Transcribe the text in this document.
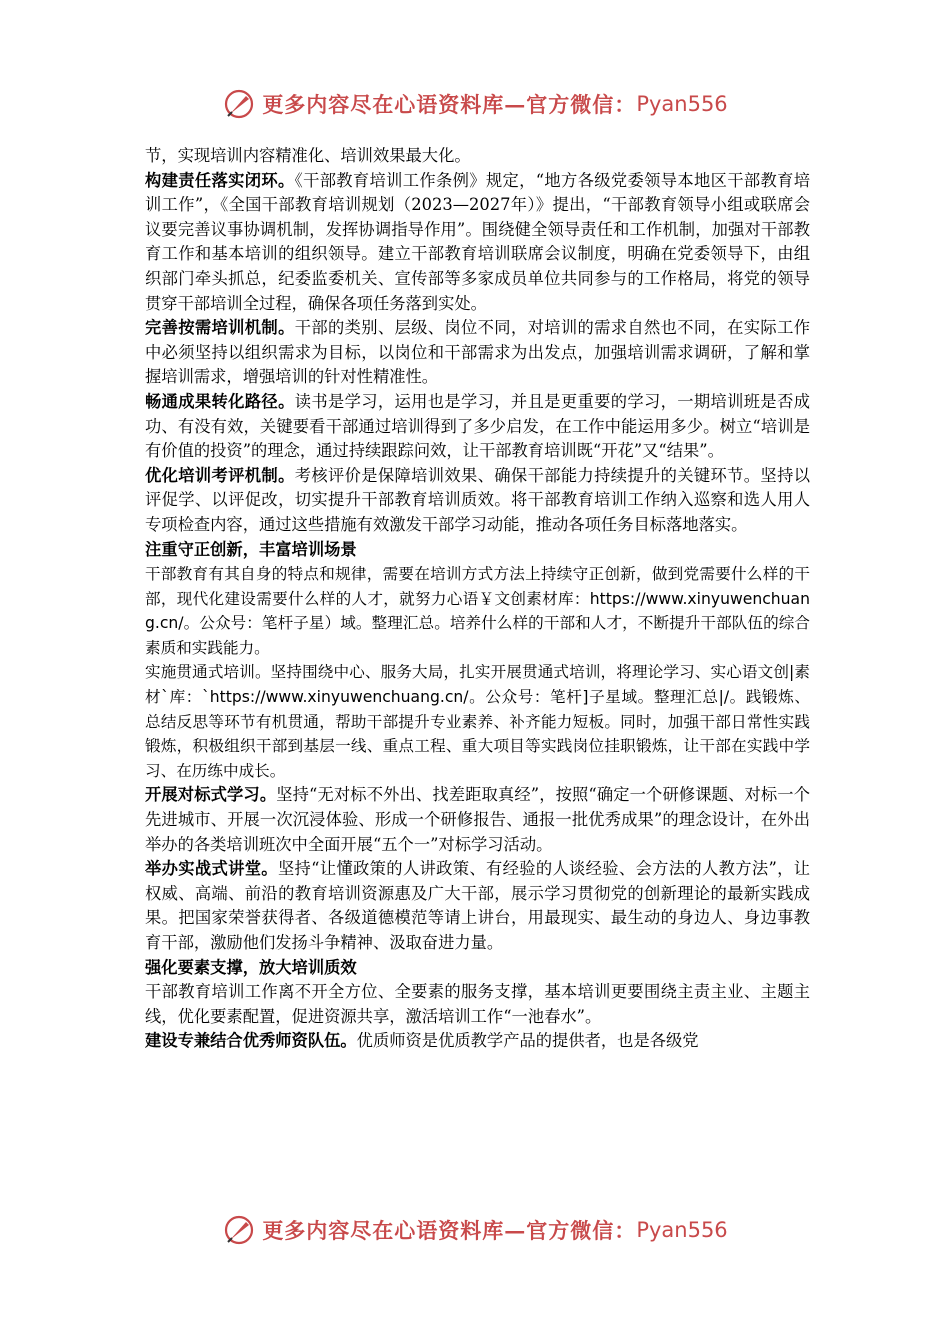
更多内容尽在心语资料库—官方微信： Pyan556

节，实现培训内容精准化、培训效果最大化。

构建责任落实闭环。《干部教育培训工作条例》规定，“地方各级党委领导本地区干部教育培训工作”，《全国干部教育培训规划（2023—2027年）》提出，“干部教育领导小组或联席会议要完善议事协调机制，发挥协调指导作用”。围绕健全领导责任和工作机制，加强对干部教育工作和基本培训的组织领导。建立干部教育培训联席会议制度，明确在党委领导下，由组织部门牵头抓总，纪委监委机关、宣传部等多家成员单位共同参与的工作格局，将党的领导贯穿干部培训全过程，确保各项任务落到实处。

完善按需培训机制。干部的类别、层级、岗位不同，对培训的需求自然也不同，在实际工作中必须坚持以组织需求为目标，以岗位和干部需求为出发点，加强培训需求调研，了解和掌握培训需求，增强培训的针对性精准性。

畅通成果转化路径。读书是学习，运用也是学习，并且是更重要的学习，一期培训班是否成功、有没有效，关键要看干部通过培训得到了多少启发，在工作中能运用多少。树立“培训是有价值的投资”的理念，通过持续跟踪问效，让干部教育培训既“开花”又“结果”。

优化培训考评机制。考核评价是保障培训效果、确保干部能力持续提升的关键环节。坚持以评促学、以评促改，切实提升干部教育培训质效。将干部教育培训工作纳入巡察和选人用人专项检查内容，通过这些措施有效激发干部学习动能，推动各项任务目标落地落实。

注重守正创新，丰富培训场景

干部教育有其自身的特点和规律，需要在培训方式方法上持续守正创新，做到党需要什么样的干部，现代化建设需要什么样的人才，就努力心语￥文创素材库：https://www.xinyuwenchuang.cn/。公众号：笔杆子星）域。整理汇总。培养什么样的干部和人才，不断提升干部队伍的综合素质和实践能力。

实施贯通式培训。坚持围绕中心、服务大局，扎实开展贯通式培训，将理论学习、实心语文创|素材`库：`https://www.xinyuwenchuang.cn/。公众号：笔杆]子星域。整理汇总|/。践锻炼、总结反思等环节有机贯通，帮助干部提升专业素养、补齐能力短板。同时，加强干部日常性实践锻炼，积极组织干部到基层一线、重点工程、重大项目等实践岗位挂职锻炼，让干部在实践中学习、在历练中成长。

开展对标式学习。坚持“无对标不外出、找差距取真经”，按照“确定一个研修课题、对标一个先进城市、开展一次沉浸体验、形成一个研修报告、通报一批优秀成果”的理念设计，在外出举办的各类培训班次中全面开展“五个一”对标学习活动。

举办实战式讲堂。坚持“让懂政策的人讲政策、有经验的人谈经验、会方法的人教方法”，让权威、高端、前沿的教育培训资源惠及广大干部，展示学习贯彻党的创新理论的最新实践成果。把国家荣誉获得者、各级道德模范等请上讲台，用最现实、最生动的身边人、身边事教育干部，激励他们发扬斗争精神、汲取奋进力量。

强化要素支撑，放大培训质效

干部教育培训工作离不开全方位、全要素的服务支撑，基本培训更要围绕主责主业、主题主线，优化要素配置，促进资源共享，激活培训工作“一池春水”。

建设专兼结合优秀师资队伍。优质师资是优质教学产品的提供者，也是各级党

更多内容尽在心语资料库—官方微信： Pyan556
